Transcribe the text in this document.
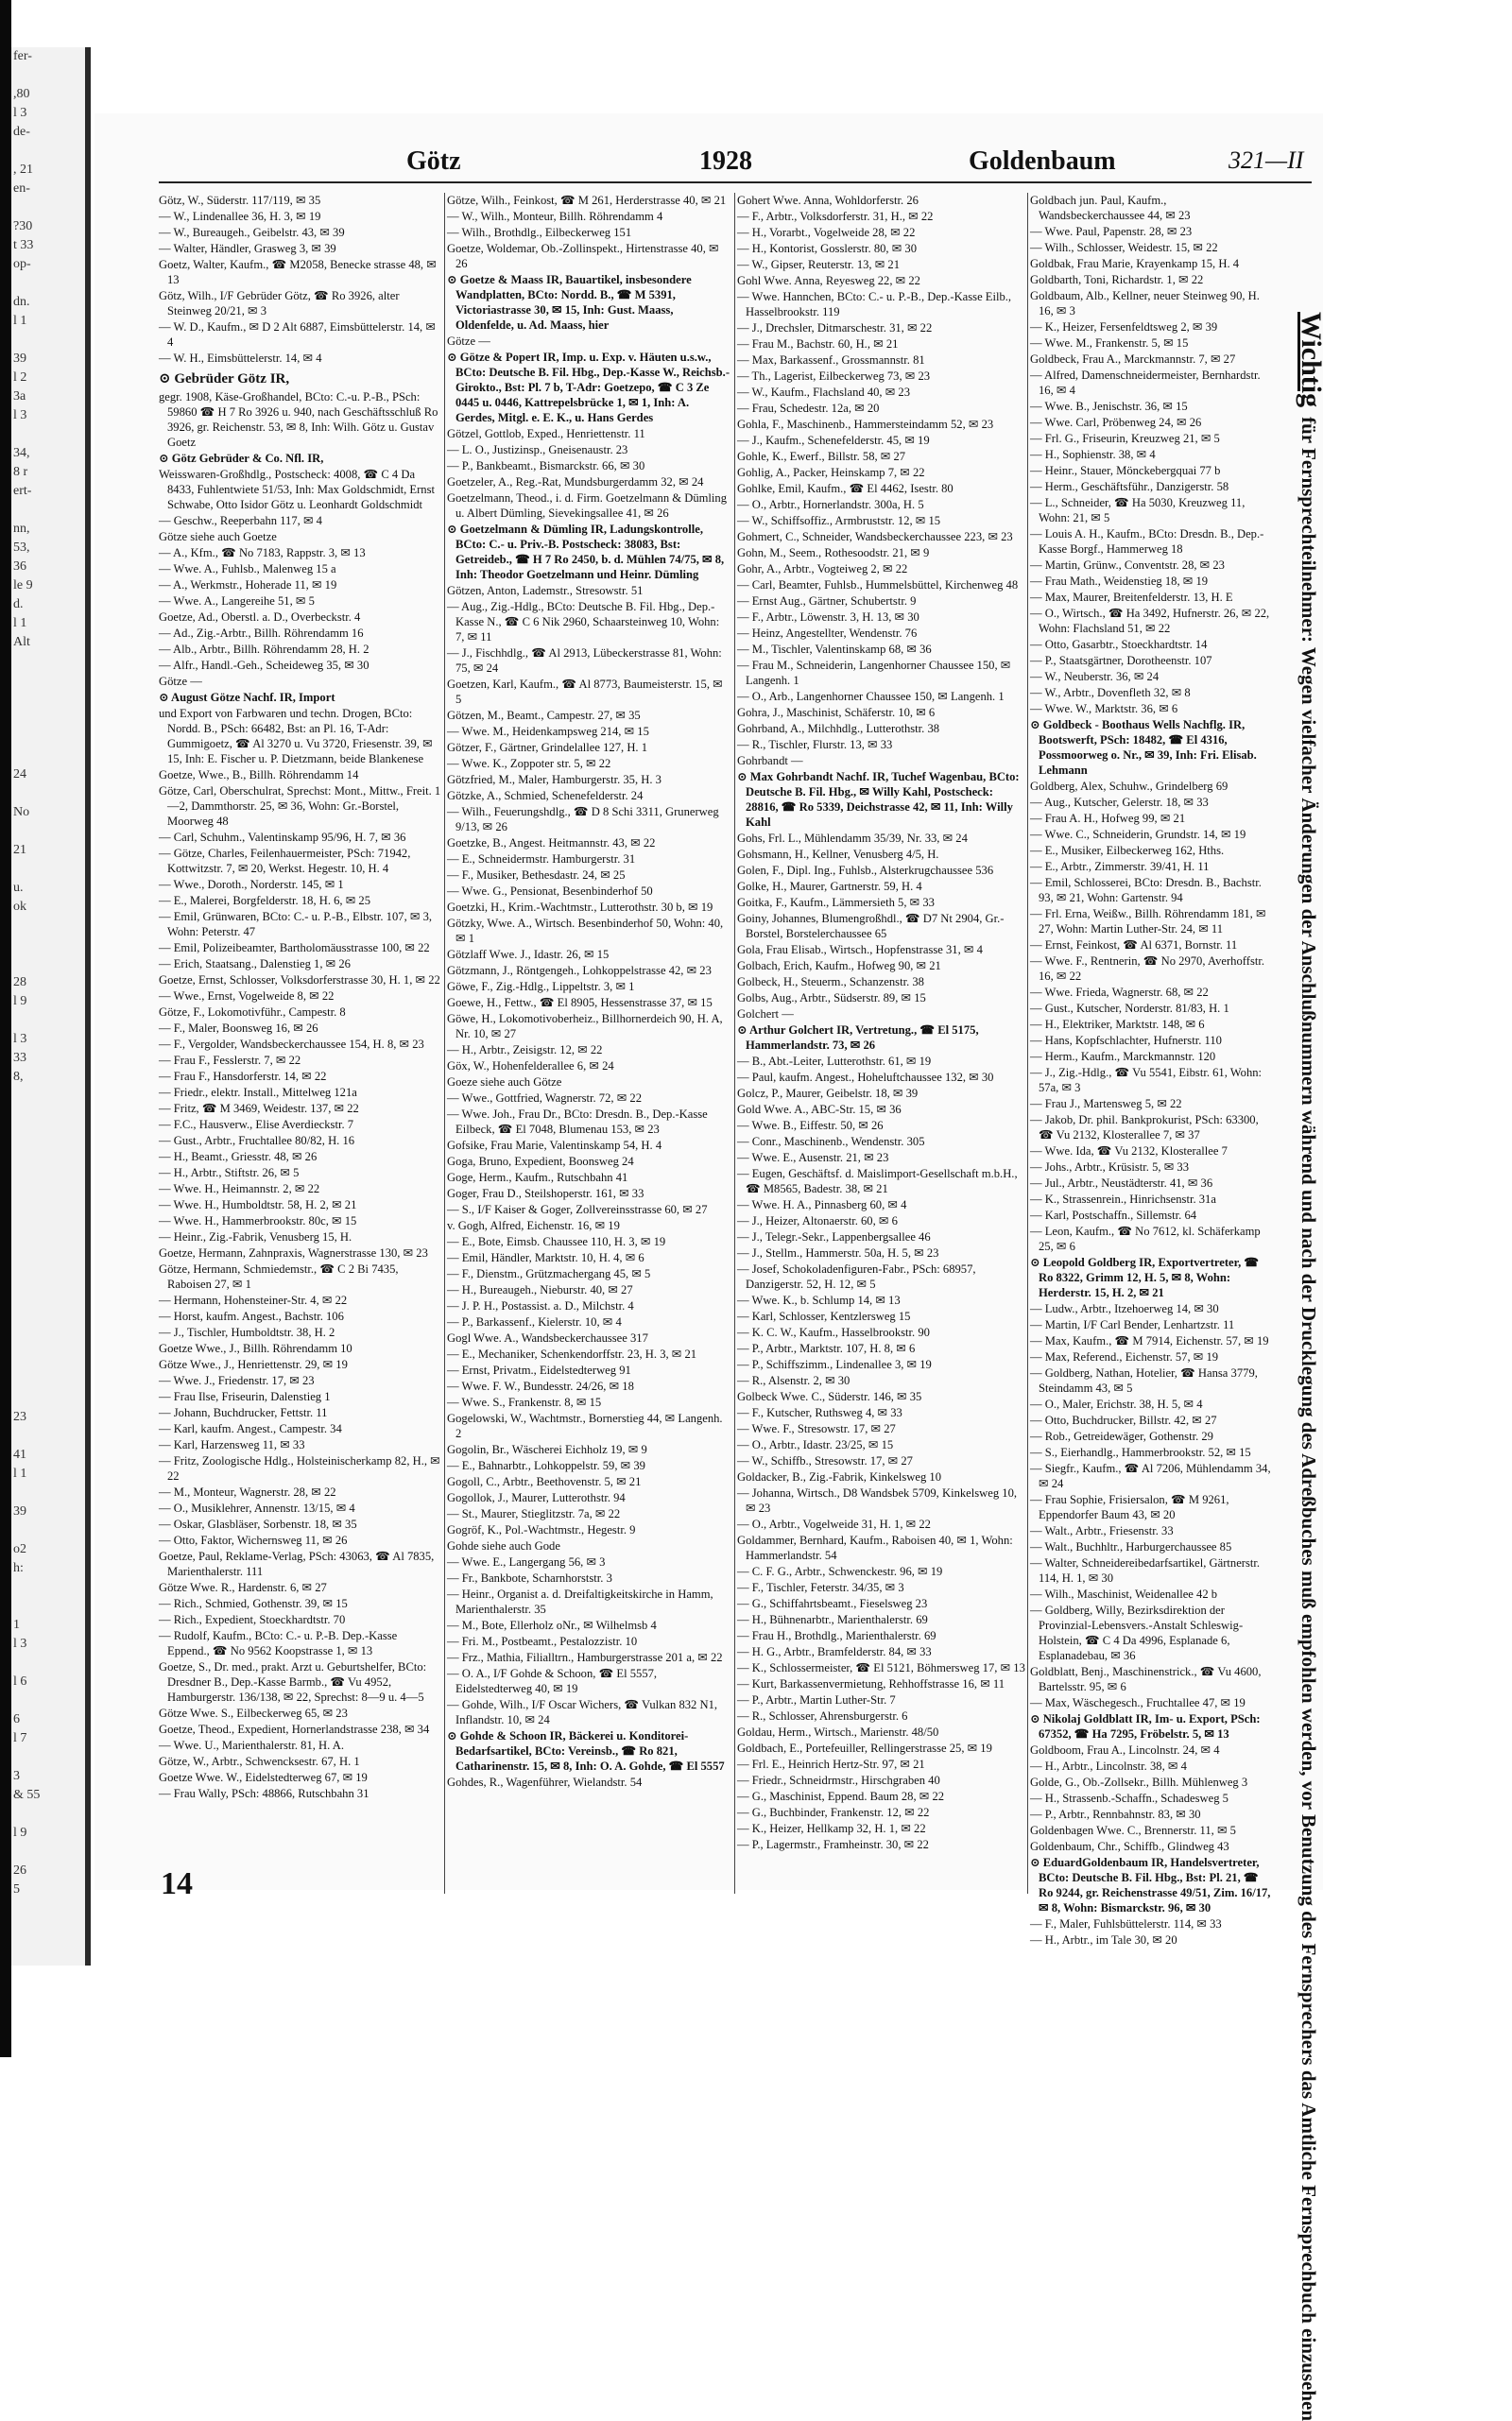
fer-

,80
l 3
de-

, 21
en-

?30
t 33
op-

dn.
l 1

39
l 2
3a
l 3

34,
8 r
ert-

nn,
53,
36
le 9
d.
l 1
Alt

24

No

21

u.
ok

28
l 9

l 3
33
8,

23

41
l 1

39

o2
h:

1
l 3

l 6

6
l 7

3
& 55

l 9

26
5
Götz	1928	Goldenbaum	321—II
Götz, W., Süderstr. 117/119, ✉ 35
— W., Lindenallee 36, H. 3, ✉ 19
— W., Bureaugeh., Geibelstr. 43, ✉ 39
— Walter, Händler, Grasweg 3, ✉ 39
Goetz, Walter, Kaufm., ☎ M2058, Benecke strasse 48, ✉ 13
Götz, Wilh., I/F Gebrüder Götz, ☎ Ro 3926, alter Steinweg 20/21, ✉ 3
— W. D., Kaufm., ✉ D 2 Alt 6887, Eimsbüttelerstr. 14, ✉ 4
— W. H., Eimsbüttelerstr. 14, ✉ 4
⊙ Gebrüder Götz IR,
gegr. 1908, Käse-Großhandel, BCto: C.-u. P.-B., PSch: 59860 ☎ H 7 Ro 3926 u. 940, nach Geschäftsschluß Ro 3926, gr. Reichenstr. 53, ✉ 8, Inh: Wilh. Götz u. Gustav Goetz
⊙ Götz Gebrüder & Co. Nfl. IR,
Weisswaren-Großhdlg., Postscheck: 4008, ☎ C 4 Da 8433, Fuhlentwiete 51/53, Inh: Max Goldschmidt, Ernst Schwabe, Otto Isidor Götz u. Leonhardt Goldschmidt
— Geschw., Reeperbahn 117, ✉ 4
Götze siehe auch Goetze
— A., Kfm., ☎ No 7183, Rappstr. 3, ✉ 13
— Wwe. A., Fuhlsb., Malenweg 15 a
— A., Werkmstr., Hoherade 11, ✉ 19
— Wwe. A., Langereihe 51, ✉ 5
Goetze, Ad., Oberstl. a. D., Overbeckstr. 4
— Ad., Zig.-Arbtr., Billh. Röhrendamm 16
— Alb., Arbtr., Billh. Röhrendamm 28, H. 2
— Alfr., Handl.-Geh., Scheideweg 35, ✉ 30
Götze —
⊙ August Götze Nachf. IR, Import
und Export von Farbwaren und techn. Drogen, BCto: Nordd. B., PSch: 66482, Bst: an Pl. 16, T-Adr: Gummigoetz, ☎ Al 3270 u. Vu 3720, Friesenstr. 39, ✉ 15, Inh: E. Fischer u. P. Dietzmann, beide Blankenese
Goetze, Wwe., B., Billh. Röhrendamm 14
Götze, Carl, Oberschulrat, Sprechst: Mont., Mittw., Freit. 1—2, Dammthorstr. 25, ✉ 36, Wohn: Gr.-Borstel, Moorweg 48
— Carl, Schuhm., Valentinskamp 95/96, H. 7, ✉ 36
— Götze, Charles, Feilenhauermeister, PSch: 71942, Kottwitzstr. 7, ✉ 20, Werkst. Hegestr. 10, H. 4
— Wwe., Doroth., Norderstr. 145, ✉ 1
— E., Malerei, Borgfelderstr. 18, H. 6, ✉ 25
— Emil, Grünwaren, BCto: C.- u. P.-B., Elbstr. 107, ✉ 3, Wohn: Peterstr. 47
— Emil, Polizeibeamter, Bartholomäusstrasse 100, ✉ 22
— Erich, Staatsang., Dalenstieg 1, ✉ 26
Goetze, Ernst, Schlosser, Volksdorferstrasse 30, H. 1, ✉ 22
— Wwe., Ernst, Vogelweide 8, ✉ 22
Götze, F., Lokomotivführ., Campestr. 8
— F., Maler, Boonsweg 16, ✉ 26
— F., Vergolder, Wandsbeckerchaussee 154, H. 8, ✉ 23
— Frau F., Fesslerstr. 7, ✉ 22
— Frau F., Hansdorferstr. 14, ✉ 22
— Friedr., elektr. Install., Mittelweg 121a
— Fritz, ☎ M 3469, Weidestr. 137, ✉ 22
— F.C., Hausverw., Elise Averdieckstr. 7
— Gust., Arbtr., Fruchtallee 80/82, H. 16
— H., Beamt., Griesstr. 48, ✉ 26
— H., Arbtr., Stiftstr. 26, ✉ 5
— Wwe. H., Heimannstr. 2, ✉ 22
— Wwe. H., Humboldtstr. 58, H. 2, ✉ 21
— Wwe. H., Hammerbrookstr. 80c, ✉ 15
— Heinr., Zig.-Fabrik, Venusberg 15, H.
Goetze, Hermann, Zahnpraxis, Wagnerstrasse 130, ✉ 23
Götze, Hermann, Schmiedemstr., ☎ C 2 Bi 7435, Raboisen 27, ✉ 1
— Hermann, Hohensteiner-Str. 4, ✉ 22
— Horst, kaufm. Angest., Bachstr. 106
— J., Tischler, Humboldtstr. 38, H. 2
Goetze Wwe., J., Billh. Röhrendamm 10
Götze Wwe., J., Henriettenstr. 29, ✉ 19
— Wwe. J., Friedenstr. 17, ✉ 23
— Frau Ilse, Friseurin, Dalenstieg 1
— Johann, Buchdrucker, Fettstr. 11
— Karl, kaufm. Angest., Campestr. 34
— Karl, Harzensweg 11, ✉ 33
— Fritz, Zoologische Hdlg., Holsteinischerkamp 82, H., ✉ 22
— M., Monteur, Wagnerstr. 28, ✉ 22
— O., Musiklehrer, Annenstr. 13/15, ✉ 4
— Oskar, Glasbläser, Sorbenstr. 18, ✉ 35
— Otto, Faktor, Wichernsweg 11, ✉ 26
Goetze, Paul, Reklame-Verlag, PSch: 43063, ☎ Al 7835, Marienthalerstr. 111
Götze Wwe. R., Hardenstr. 6, ✉ 27
— Rich., Schmied, Gothenstr. 39, ✉ 15
— Rich., Expedient, Stoeckhardtstr. 70
— Rudolf, Kaufm., BCto: C.- u. P.-B. Dep.-Kasse Eppend., ☎ No 9562 Koopstrasse 1, ✉ 13
Goetze, S., Dr. med., prakt. Arzt u. Geburtshelfer, BCto: Dresdner B., Dep.-Kasse Barmb., ☎ Vu 4952, Hamburgerstr. 136/138, ✉ 22, Sprechst: 8—9 u. 4—5
Götze Wwe. S., Eilbeckerweg 65, ✉ 23
Goetze, Theod., Expedient, Hornerlandstrasse 238, ✉ 34
— Wwe. U., Marienthalerstr. 81, H. A.
Götze, W., Arbtr., Schwencksestr. 67, H. 1
Goetze Wwe. W., Eidelstedterweg 67, ✉ 19
— Frau Wally, PSch: 48866, Rutschbahn 31
Götze, Wilh., Feinkost, ☎ M 261, Herderstrasse 40, ✉ 21
— W., Wilh., Monteur, Billh. Röhrendamm 4
— Wilh., Brothdlg., Eilbeckerweg 151
Goetze, Woldemar, Ob.-Zollinspekt., Hirtenstrasse 40, ✉ 26
⊙ Goetze & Maass IR, Bauartikel, insbesondere Wandplatten, BCto: Nordd. B., ☎ M 5391, Victoriastrasse 30, ✉ 15, Inh: Gust. Maass, Oldenfelde, u. Ad. Maass, hier
Götze —
⊙ Götze & Popert IR, Imp. u. Exp. v. Häuten u.s.w., BCto: Deutsche B. Fil. Hbg., Dep.-Kasse W., Reichsb.-Girokto., Bst: Pl. 7 b, T-Adr: Goetzepo, ☎ C 3 Ze 0445 u. 0446, Kattrepelsbrücke 1, ✉ 1, Inh: A. Gerdes, Mitgl. e. E. K., u. Hans Gerdes
Götzel, Gottlob, Exped., Henriettenstr. 11
— L. O., Justizinsp., Gneisenaustr. 23
— P., Bankbeamt., Bismarckstr. 66, ✉ 30
Goetzeler, A., Reg.-Rat, Mundsburgerdamm 32, ✉ 24
Goetzelmann, Theod., i. d. Firm. Goetzelmann & Dümling u. Albert Dümling, Sievekingsallee 41, ✉ 26
⊙ Goetzelmann & Dümling IR, Ladungskontrolle, BCto: C.- u. Priv.-B. Postscheck: 38083, Bst: Getreideb., ☎ H 7 Ro 2450, b. d. Mühlen 74/75, ✉ 8, Inh: Theodor Goetzelmann und Heinr. Dümling
Götzen, Anton, Lademstr., Stresowstr. 51
— Aug., Zig.-Hdlg., BCto: Deutsche B. Fil. Hbg., Dep.-Kasse N., ☎ C 6 Nik 2960, Schaarsteinweg 10, Wohn: 7, ✉ 11
— J., Fischhdlg., ☎ Al 2913, Lübeckerstrasse 81, Wohn: 75, ✉ 24
Goetzen, Karl, Kaufm., ☎ Al 8773, Baumeisterstr. 15, ✉ 5
Götzen, M., Beamt., Campestr. 27, ✉ 35
— Wwe. M., Heidenkampsweg 214, ✉ 15
Götzer, F., Gärtner, Grindelallee 127, H. 1
— Wwe. K., Zoppoter str. 5, ✉ 22
Götzfried, M., Maler, Hamburgerstr. 35, H. 3
Götzke, A., Schmied, Schenefelderstr. 24
— Wilh., Feuerungshdlg., ☎ D 8 Schi 3311, Grunerweg 9/13, ✉ 26
Goetzke, B., Angest. Heitmannstr. 43, ✉ 22
— E., Schneidermstr. Hamburgerstr. 31
— F., Musiker, Bethesdastr. 24, ✉ 25
— Wwe. G., Pensionat, Besenbinderhof 50
Goetzki, H., Krim.-Wachtmstr., Lutterothstr. 30 b, ✉ 19
Götzky, Wwe. A., Wirtsch. Besenbinderhof 50, Wohn: 40, ✉ 1
Götzlaff Wwe. J., Idastr. 26, ✉ 15
Götzmann, J., Röntgengeh., Lohkoppelstrasse 42, ✉ 23
Göwe, F., Zig.-Hdlg., Lippeltstr. 3, ✉ 1
Goewe, H., Fettw., ☎ El 8905, Hessenstrasse 37, ✉ 15
Göwe, H., Lokomotivoberheiz., Billhornerdeich 90, H. A, Nr. 10, ✉ 27
— H., Arbtr., Zeisigstr. 12, ✉ 22
Göx, W., Hohenfelderallee 6, ✉ 24
Goeze siehe auch Götze
— Wwe., Gottfried, Wagnerstr. 72, ✉ 22
— Wwe. Joh., Frau Dr., BCto: Dresdn. B., Dep.-Kasse Eilbeck, ☎ El 7048, Blumenau 153, ✉ 23
Gofsike, Frau Marie, Valentinskamp 54, H. 4
Goga, Bruno, Expedient, Boonsweg 24
Goge, Herm., Kaufm., Rutschbahn 41
Goger, Frau D., Steilshoperstr. 161, ✉ 33
— S., I/F Kaiser & Goger, Zollvereinsstrasse 60, ✉ 27
v. Gogh, Alfred, Eichenstr. 16, ✉ 19
— E., Bote, Eimsb. Chaussee 110, H. 3, ✉ 19
— Emil, Händler, Marktstr. 10, H. 4, ✉ 6
— F., Dienstm., Grützmachergang 45, ✉ 5
— H., Bureaugeh., Nieburstr. 40, ✉ 27
— J. P. H., Postassist. a. D., Milchstr. 4
— P., Barkassenf., Kielerstr. 10, ✉ 4
Gogl Wwe. A., Wandsbeckerchaussee 317
— E., Mechaniker, Schenkendorffstr. 23, H. 3, ✉ 21
— Ernst, Privatm., Eidelstedterweg 91
— Wwe. F. W., Bundesstr. 24/26, ✉ 18
— Wwe. S., Frankenstr. 8, ✉ 15
Gogelowski, W., Wachtmstr., Bornerstieg 44, ✉ Langenh. 2
Gogolin, Br., Wäscherei Eichholz 19, ✉ 9
— E., Bahnarbtr., Lohkoppelstr. 59, ✉ 39
Gogoll, C., Arbtr., Beethovenstr. 5, ✉ 21
Gogollok, J., Maurer, Lutterothstr. 94
— St., Maurer, Stieglitzstr. 7a, ✉ 22
Gogröf, K., Pol.-Wachtmstr., Hegestr. 9
Gohde siehe auch Gode
— Wwe. E., Langergang 56, ✉ 3
— Fr., Bankbote, Scharnhorststr. 3
— Heinr., Organist a. d. Dreifaltigkeitskirche in Hamm, Marienthalerstr. 35
— M., Bote, Ellerholz oNr., ✉ Wilhelmsb 4
— Fri. M., Postbeamt., Pestalozzistr. 10
— Frz., Mathia, Filialltrn., Hamburgerstrasse 201 a, ✉ 22
— O. A., I/F Gohde & Schoon, ☎ El 5557, Eidelstedterweg 40, ✉ 19
— Gohde, Wilh., I/F Oscar Wichers, ☎ Vulkan 832 N1, Inflandstr. 10, ✉ 24
⊙ Gohde & Schoon IR, Bäckerei u. Konditorei-Bedarfsartikel, BCto: Vereinsb., ☎ Ro 821, Catharinenstr. 15, ✉ 8, Inh: O. A. Gohde, ☎ El 5557
Gohdes, R., Wagenführer, Wielandstr. 54
Gohert Wwe. Anna, Wohldorferstr. 26
— F., Arbtr., Volksdorferstr. 31, H., ✉ 22
— H., Vorarbt., Vogelweide 28, ✉ 22
— H., Kontorist, Gosslerstr. 80, ✉ 30
— W., Gipser, Reuterstr. 13, ✉ 21
Gohl Wwe. Anna, Reyesweg 22, ✉ 22
— Wwe. Hannchen, BCto: C.- u. P.-B., Dep.-Kasse Eilb., Hasselbrookstr. 119
— J., Drechsler, Ditmarschestr. 31, ✉ 22
— Frau M., Bachstr. 60, H., ✉ 21
— Max, Barkassenf., Grossmannstr. 81
— Th., Lagerist, Eilbeckerweg 73, ✉ 23
— W., Kaufm., Flachsland 40, ✉ 23
— Frau, Schedestr. 12a, ✉ 20
Gohla, F., Maschinenb., Hammersteindamm 52, ✉ 23
— J., Kaufm., Schenefelderstr. 45, ✉ 19
Gohle, K., Ewerf., Billstr. 58, ✉ 27
Gohlig, A., Packer, Heinskamp 7, ✉ 22
Gohlke, Emil, Kaufm., ☎ El 4462, Isestr. 80
— O., Arbtr., Hornerlandstr. 300a, H. 5
— W., Schiffsoffiz., Armbruststr. 12, ✉ 15
Gohmert, C., Schneider, Wandsbeckerchaussee 223, ✉ 23
Gohn, M., Seem., Rothesoodstr. 21, ✉ 9
Gohr, A., Arbtr., Vogteiweg 2, ✉ 22
— Carl, Beamter, Fuhlsb., Hummelsbüttel, Kirchenweg 48
— Ernst Aug., Gärtner, Schubertstr. 9
— F., Arbtr., Löwenstr. 3, H. 13, ✉ 30
— Heinz, Angestellter, Wendenstr. 76
— M., Tischler, Valentinskamp 68, ✉ 36
— Frau M., Schneiderin, Langenhorner Chaussee 150, ✉ Langenh. 1
— O., Arb., Langenhorner Chaussee 150, ✉ Langenh. 1
Gohra, J., Maschinist, Schäferstr. 10, ✉ 6
Gohrband, A., Milchhdlg., Lutterothstr. 38
— R., Tischler, Flurstr. 13, ✉ 33
Gohrbandt —
⊙ Max Gohrbandt Nachf. IR, Tuchef Wagenbau, BCto: Deutsche B. Fil. Hbg., ✉ Willy Kahl, Postscheck: 28816, ☎ Ro 5339, Deichstrasse 42, ✉ 11, Inh: Willy Kahl
Gohs, Frl. L., Mühlendamm 35/39, Nr. 33, ✉ 24
Gohsmann, H., Kellner, Venusberg 4/5, H.
Golen, F., Dipl. Ing., Fuhlsb., Alsterkrugchaussee 536
Golke, H., Maurer, Gartnerstr. 59, H. 4
Goitka, F., Kaufm., Lämmersieth 5, ✉ 33
Goiny, Johannes, Blumengroßhdl., ☎ D7 Nt 2904, Gr.-Borstel, Borstelerchaussee 65
Gola, Frau Elisab., Wirtsch., Hopfenstrasse 31, ✉ 4
Golbach, Erich, Kaufm., Hofweg 90, ✉ 21
Golbeck, H., Steuerm., Schanzenstr. 38
Golbs, Aug., Arbtr., Südserstr. 89, ✉ 15
Golchert —
⊙ Arthur Golchert IR, Vertretung., ☎ El 5175, Hammerlandstr. 73, ✉ 26
— B., Abt.-Leiter, Lutterothstr. 61, ✉ 19
— Paul, kaufm. Angest., Hoheluftchaussee 132, ✉ 30
Golcz, P., Maurer, Geibelstr. 18, ✉ 39
Gold Wwe. A., ABC-Str. 15, ✉ 36
— Wwe. B., Eiffestr. 50, ✉ 26
— Conr., Maschinenb., Wendenstr. 305
— Wwe. E., Ausenstr. 21, ✉ 23
— Eugen, Geschäftsf. d. Maislimport-Gesellschaft m.b.H., ☎ M8565, Badestr. 38, ✉ 21
— Wwe. H. A., Pinnasberg 60, ✉ 4
— J., Heizer, Altonaerstr. 60, ✉ 6
— J., Telegr.-Sekr., Lappenbergsallee 46
— J., Stellm., Hammerstr. 50a, H. 5, ✉ 23
— Josef, Schokoladenfiguren-Fabr., PSch: 68957, Danzigerstr. 52, H. 12, ✉ 5
— Wwe. K., b. Schlump 14, ✉ 13
— Karl, Schlosser, Kentzlersweg 15
— K. C. W., Kaufm., Hasselbrookstr. 90
— P., Arbtr., Marktstr. 107, H. 8, ✉ 6
— P., Schiffszimm., Lindenallee 3, ✉ 19
— R., Alsenstr. 2, ✉ 30
Golbeck Wwe. C., Süderstr. 146, ✉ 35
— F., Kutscher, Ruthsweg 4, ✉ 33
— Wwe. F., Stresowstr. 17, ✉ 27
— O., Arbtr., Idastr. 23/25, ✉ 15
— W., Schiffb., Stresowstr. 17, ✉ 27
Goldacker, B., Zig.-Fabrik, Kinkelsweg 10
— Johanna, Wirtsch., D8 Wandsbek 5709, Kinkelsweg 10, ✉ 23
— O., Arbtr., Vogelweide 31, H. 1, ✉ 22
Goldammer, Bernhard, Kaufm., Raboisen 40, ✉ 1, Wohn: Hammerlandstr. 54
— C. F. G., Arbtr., Schwenckestr. 96, ✉ 19
— F., Tischler, Feterstr. 34/35, ✉ 3
— G., Schiffahrtsbeamt., Fieselsweg 23
— H., Bühnenarbtr., Marienthalerstr. 69
— Frau H., Brothdlg., Marienthalerstr. 69
— H. G., Arbtr., Bramfelderstr. 84, ✉ 33
— K., Schlossermeister, ☎ El 5121, Böhmersweg 17, ✉ 13
— Kurt, Barkassenvermietung, Rehhoffstrasse 16, ✉ 11
— P., Arbtr., Martin Luther-Str. 7
— R., Schlosser, Ahrensburgerstr. 6
Goldau, Herm., Wirtsch., Marienstr. 48/50
Goldbach, E., Portefeuiller, Rellingerstrasse 25, ✉ 19
— Frl. E., Heinrich Hertz-Str. 97, ✉ 21
— Friedr., Schneidrmstr., Hirschgraben 40
— G., Maschinist, Eppend. Baum 28, ✉ 22
— G., Buchbinder, Frankenstr. 12, ✉ 22
— K., Heizer, Hellkamp 32, H. 1, ✉ 22
— P., Lagermstr., Framheinstr. 30, ✉ 22
Goldbach jun. Paul, Kaufm., Wandsbeckerchaussee 44, ✉ 23
— Wwe. Paul, Papenstr. 28, ✉ 23
— Wilh., Schlosser, Weidestr. 15, ✉ 22
Goldbak, Frau Marie, Krayenkamp 15, H. 4
Goldbarth, Toni, Richardstr. 1, ✉ 22
Goldbaum, Alb., Kellner, neuer Steinweg 90, H. 16, ✉ 3
— K., Heizer, Fersenfeldtsweg 2, ✉ 39
— Wwe. M., Frankenstr. 5, ✉ 15
Goldbeck, Frau A., Marckmannstr. 7, ✉ 27
— Alfred, Damenschneidermeister, Bernhardstr. 16, ✉ 4
— Wwe. B., Jenischstr. 36, ✉ 15
— Wwe. Carl, Pröbenweg 24, ✉ 26
— Frl. G., Friseurin, Kreuzweg 21, ✉ 5
— H., Sophienstr. 38, ✉ 4
— Heinr., Stauer, Mönckebergquai 77 b
— Herm., Geschäftsführ., Danzigerstr. 58
— L., Schneider, ☎ Ha 5030, Kreuzweg 11, Wohn: 21, ✉ 5
— Louis A. H., Kaufm., BCto: Dresdn. B., Dep.-Kasse Borgf., Hammerweg 18
— Martin, Grünw., Conventstr. 28, ✉ 23
— Frau Math., Weidenstieg 18, ✉ 19
— Max, Maurer, Breitenfelderstr. 13, H. E
— O., Wirtsch., ☎ Ha 3492, Hufnerstr. 26, ✉ 22, Wohn: Flachsland 51, ✉ 22
— Otto, Gasarbtr., Stoeckhardtstr. 14
— P., Staatsgärtner, Dorotheenstr. 107
— W., Neuberstr. 36, ✉ 24
— W., Arbtr., Dovenfleth 32, ✉ 8
— Wwe. W., Marktstr. 36, ✉ 6
⊙ Goldbeck - Boothaus Wells Nachflg. IR, Bootswerft, PSch: 18482, ☎ El 4316, Possmoorweg o. Nr., ✉ 39, Inh: Fri. Elisab. Lehmann
Goldberg, Alex, Schuhw., Grindelberg 69
— Aug., Kutscher, Gelerstr. 18, ✉ 33
— Frau A. H., Hofweg 99, ✉ 21
— Wwe. C., Schneiderin, Grundstr. 14, ✉ 19
— E., Musiker, Eilbeckerweg 162, Hths.
— E., Arbtr., Zimmerstr. 39/41, H. 11
— Emil, Schlosserei, BCto: Dresdn. B., Bachstr. 93, ✉ 21, Wohn: Gartenstr. 94
— Frl. Erna, Weißw., Billh. Röhrendamm 181, ✉ 27, Wohn: Martin Luther-Str. 24, ✉ 11
— Ernst, Feinkost, ☎ Al 6371, Bornstr. 11
— Wwe. F., Rentnerin, ☎ No 2970, Averhoffstr. 16, ✉ 22
— Wwe. Frieda, Wagnerstr. 68, ✉ 22
— Gust., Kutscher, Norderstr. 81/83, H. 1
— H., Elektriker, Marktstr. 148, ✉ 6
— Hans, Kopfschlachter, Hufnerstr. 110
— Herm., Kaufm., Marckmannstr. 120
— J., Zig.-Hdlg., ☎ Vu 5541, Eibstr. 61, Wohn: 57a, ✉ 3
— Frau J., Martensweg 5, ✉ 22
— Jakob, Dr. phil. Bankprokurist, PSch: 63300, ☎ Vu 2132, Klosterallee 7, ✉ 37
— Wwe. Ida, ☎ Vu 2132, Klosterallee 7
— Johs., Arbtr., Krüsistr. 5, ✉ 33
— Jul., Arbtr., Neustädterstr. 41, ✉ 36
— K., Strassenrein., Hinrichsenstr. 31a
— Karl, Postschaffn., Sillemstr. 64
— Leon, Kaufm., ☎ No 7612, kl. Schäferkamp 25, ✉ 6
⊙ Leopold Goldberg IR, Exportvertreter, ☎ Ro 8322, Grimm 12, H. 5, ✉ 8, Wohn: Herderstr. 15, H. 2, ✉ 21
— Ludw., Arbtr., Itzehoerweg 14, ✉ 30
— Martin, I/F Carl Bender, Lenhartzstr. 11
— Max, Kaufm., ☎ M 7914, Eichenstr. 57, ✉ 19
— Max, Referend., Eichenstr. 57, ✉ 19
— Goldberg, Nathan, Hotelier, ☎ Hansa 3779, Steindamm 43, ✉ 5
— O., Maler, Erichstr. 38, H. 5, ✉ 4
— Otto, Buchdrucker, Billstr. 42, ✉ 27
— Rob., Getreidewäger, Gothenstr. 29
— S., Eierhandlg., Hammerbrookstr. 52, ✉ 15
— Siegfr., Kaufm., ☎ Al 7206, Mühlendamm 34, ✉ 24
— Frau Sophie, Frisiersalon, ☎ M 9261, Eppendorfer Baum 43, ✉ 20
— Walt., Arbtr., Friesenstr. 33
— Walt., Buchhltr., Harburgerchaussee 85
— Walter, Schneidereibedarfsartikel, Gärtnerstr. 114, H. 1, ✉ 30
— Wilh., Maschinist, Weidenallee 42 b
— Goldberg, Willy, Bezirksdirektion der Provinzial-Lebensvers.-Anstalt Schleswig-Holstein, ☎ C 4 Da 4996, Esplanade 6, Esplanadebau, ✉ 36
Goldblatt, Benj., Maschinenstrick., ☎ Vu 4600, Bartelsstr. 95, ✉ 6
— Max, Wäschegesch., Fruchtallee 47, ✉ 19
⊙ Nikolaj Goldblatt IR, Im- u. Export, PSch: 67352, ☎ Ha 7295, Fröbelstr. 5, ✉ 13
Goldboom, Frau A., Lincolnstr. 24, ✉ 4
— H., Arbtr., Lincolnstr. 38, ✉ 4
Golde, G., Ob.-Zollsekr., Billh. Mühlenweg 3
— H., Strassenb.-Schaffn., Schadesweg 5
— P., Arbtr., Rennbahnstr. 83, ✉ 30
Goldenbagen Wwe. C., Brennerstr. 11, ✉ 5
Goldenbaum, Chr., Schiffb., Glindweg 43
⊙ EduardGoldenbaum IR, Handelsvertreter, BCto: Deutsche B. Fil. Hbg., Bst: Pl. 21, ☎ Ro 9244, gr. Reichenstrasse 49/51, Zim. 16/17, ✉ 8, Wohn: Bismarckstr. 96, ✉ 30
— F., Maler, Fuhlsbüttelerstr. 114, ✉ 33
— H., Arbtr., im Tale 30, ✉ 20
Wichtigfür Fernsprechteilnehmer: Wegen vielfacher Änderungen der Anschlußnummern während und nach der Drucklegung des Adreßbuches muß empfohlen werden, vor Benutzung des Fernsprechers das Amtliche Fernsprechbuch einzusehen
14
